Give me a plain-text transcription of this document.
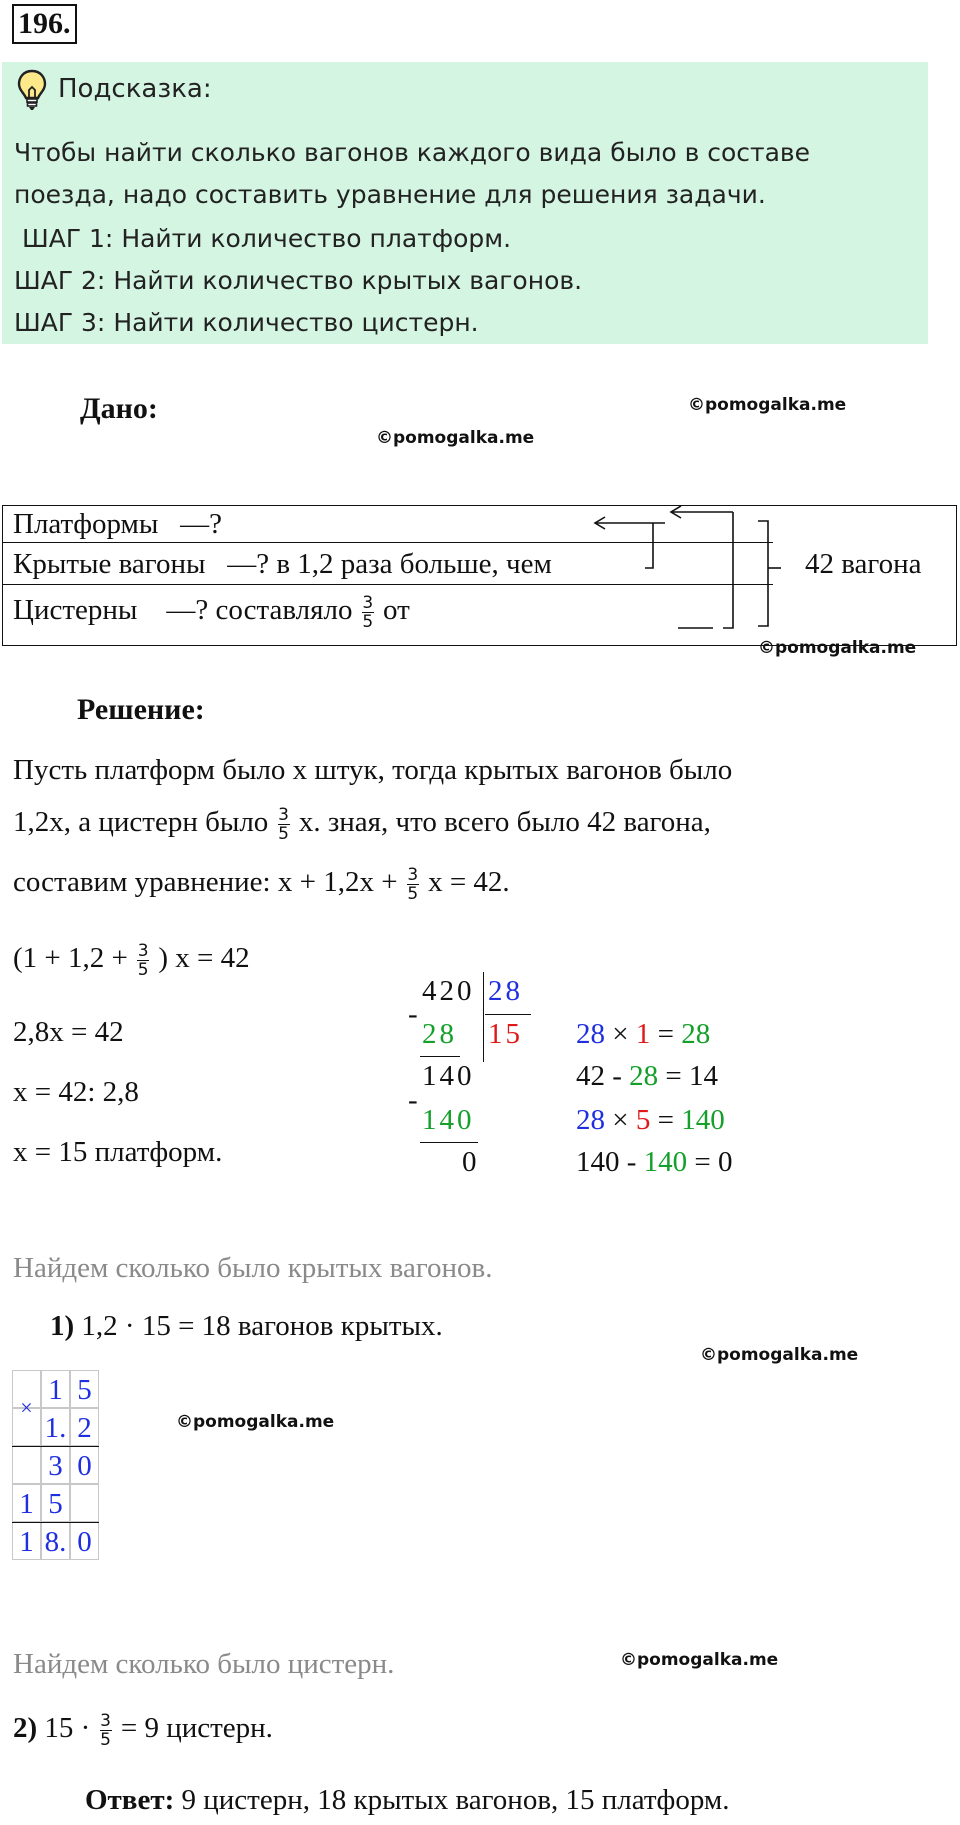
196.
Подсказка:
Чтобы найти сколько вагонов каждого вида было в составе
поезда, надо составить уравнение для решения задачи.
ШАГ 1: Найти количество платформ.
ШАГ 2: Найти количество крытых вагонов.
ШАГ 3: Найти количество цистерн.
Дано:	©pomogalka.me
©pomogalka.me
Платформы —?
Крытые вагоны —? в 1,2 раза больше, чем
Цистерны —? составляло $\frac{3}{5}$ от
42 вагона
©pomogalka.me
Решение:
Пусть платформ было х штук, тогда крытых вагонов было
1,2х, а цистерн было $\frac{3}{5} х$. зная, что всего было 42 вагона,
составим уравнение: $x + 1,2x + \frac{3}{5}$ x = 42.
($1 + 1,2 + \frac{3}{5}$ ) x = 42
2,8x = 42
x = 42: 2,8
x = 15 платформ.
420 28
-
28 15
140
-
140
0
28 × 1 = 28
42 - 28 = 14
28 × 5 = 140
140 - 140 = 0
Найдем сколько было крытых вагонов.
1) 1,2 · 15 = 18 вагонов крытых.
©pomogalka.me
©pomogalka.me
1 5
1. 2
3 0
1 5
1 8. 0
×
Найдем сколько было цистерн.	©pomogalka.me
2) $15 \cdot \frac{3}{5} = 9$ цистерн.
Ответ: 9 цистерн, 18 крытых вагонов, 15 платформ.
